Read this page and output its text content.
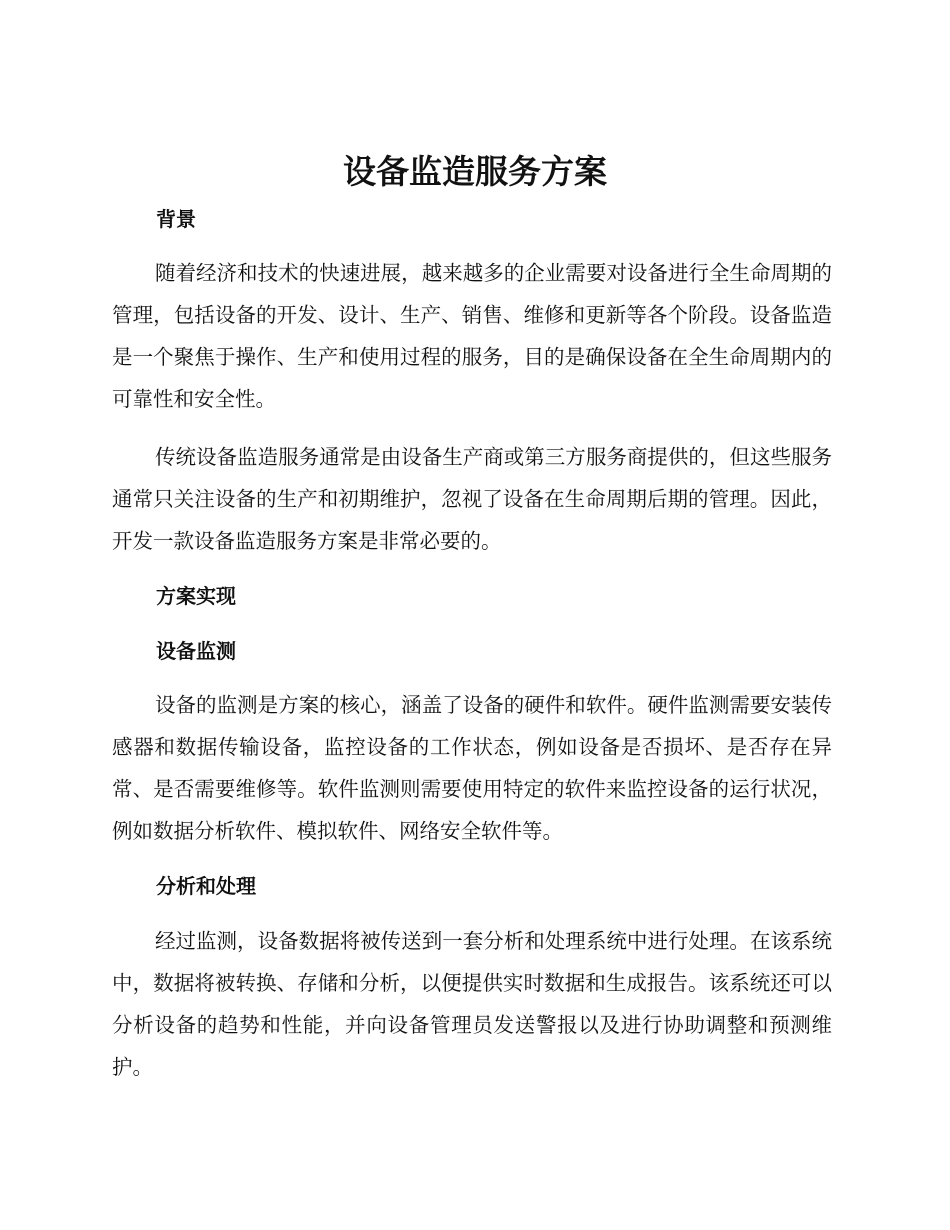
设备监造服务方案
背景

随着经济和技术的快速进展，越来越多的企业需要对设备进行全生命周期的管理，包括设备的开发、设计、生产、销售、维修和更新等各个阶段。设备监造是一个聚焦于操作、生产和使用过程的服务，目的是确保设备在全生命周期内的可靠性和安全性。

传统设备监造服务通常是由设备生产商或第三方服务商提供的，但这些服务通常只关注设备的生产和初期维护，忽视了设备在生命周期后期的管理。因此，开发一款设备监造服务方案是非常必要的。

方案实现
设备监测

设备的监测是方案的核心，涵盖了设备的硬件和软件。硬件监测需要安装传感器和数据传输设备，监控设备的工作状态，例如设备是否损坏、是否存在异常、是否需要维修等。软件监测则需要使用特定的软件来监控设备的运行状况，例如数据分析软件、模拟软件、网络安全软件等。

分析和处理

经过监测，设备数据将被传送到一套分析和处理系统中进行处理。在该系统中，数据将被转换、存储和分析，以便提供实时数据和生成报告。该系统还可以分析设备的趋势和性能，并向设备管理员发送警报以及进行协助调整和预测维护。
